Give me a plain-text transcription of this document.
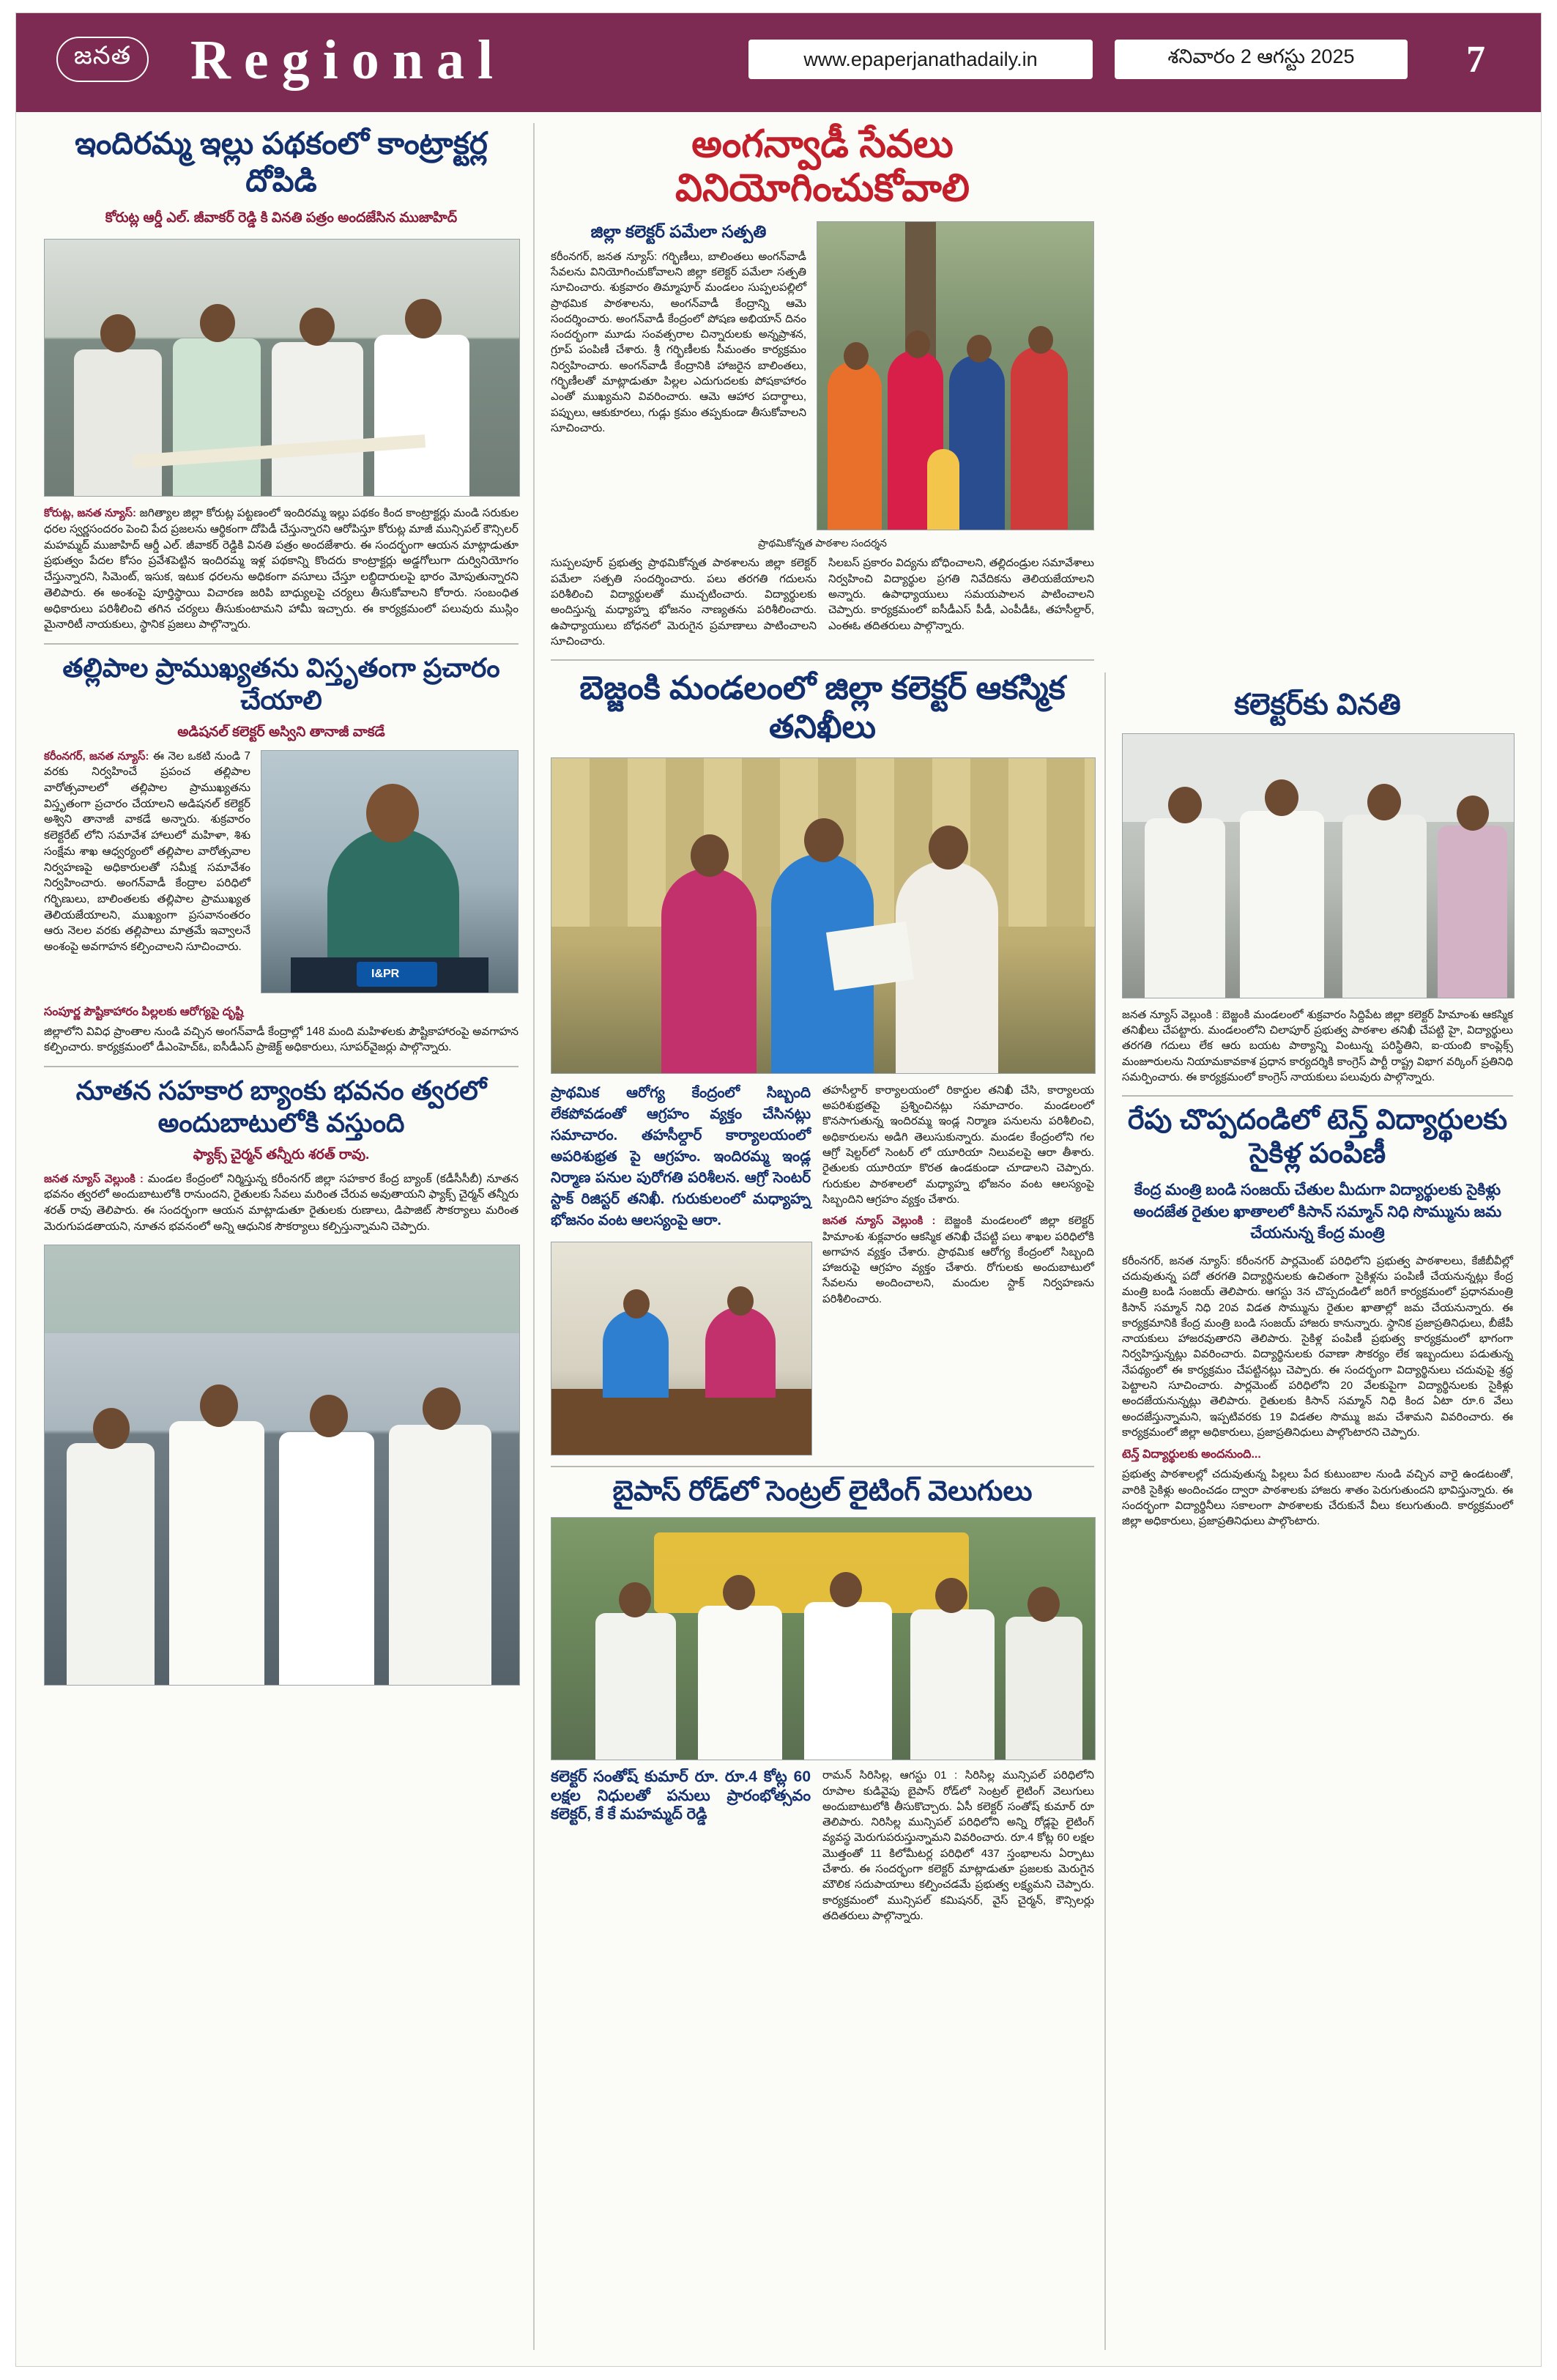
జనత	Regional	www.epaperjanathadaily.in	శనివారం 2 ఆగస్టు 2025	7
ఇందిరమ్మ ఇల్లు పథకంలో కాంట్రాక్టర్ల దోపిడి
కోరుట్ల ఆర్డీ ఎల్. జీవాకర్ రెడ్డి కి వినతి పత్రం అందజేసిన ముజాహిద్
కోరుట్ల, జనత న్యూస్: జగిత్యాల జిల్లా కోరుట్ల పట్టణంలో ఇందిరమ్మ ఇల్లు పథకం కింద కాంట్రాక్టర్లు మండి సరుకుల ధరల స్వర్ణసందరం పెంచి పేద ప్రజలను ఆర్థికంగా దోపిడీ చేస్తున్నారని ఆరోపిస్తూ కోరుట్ల మాజీ మున్సిపల్ కౌన్సిలర్ మహమ్మద్ ముజాహిద్ ఆర్డీ ఎల్. జీవాకర్ రెడ్డికి వినతి పత్రం అందజేశారు. ఈ సందర్భంగా ఆయన మాట్లాడుతూ ప్రభుత్వం పేదల కోసం ప్రవేశపెట్టిన ఇందిరమ్మ ఇళ్ల పథకాన్ని కొందరు కాంట్రాక్టర్లు అడ్డగోలుగా దుర్వినియోగం చేస్తున్నారని, సిమెంట్, ఇసుక, ఇటుక ధరలను అధికంగా వసూలు చేస్తూ లబ్ధిదారులపై భారం మోపుతున్నారని తెలిపారు. ఈ అంశంపై పూర్తిస్థాయి విచారణ జరిపి బాధ్యులపై చర్యలు తీసుకోవాలని కోరారు. సంబంధిత అధికారులు పరిశీలించి తగిన చర్యలు తీసుకుంటామని హామీ ఇచ్చారు. ఈ కార్యక్రమంలో పలువురు ముస్లిం మైనారిటీ నాయకులు, స్థానిక ప్రజలు పాల్గొన్నారు.
తల్లిపాల ప్రాముఖ్యతను విస్తృతంగా ప్రచారం చేయాలి
అడిషనల్ కలెక్టర్ అస్విని తానాజీ వాకడే
I&PR
కరీంనగర్, జనత న్యూస్: ఈ నెల ఒకటి నుండి 7 వరకు నిర్వహించే ప్రపంచ తల్లిపాల వారోత్సవాలలో తల్లిపాల ప్రాముఖ్యతను విస్తృతంగా ప్రచారం చేయాలని అడిషనల్ కలెక్టర్ అశ్విని తానాజీ వాకడే అన్నారు. శుక్రవారం కలెక్టరేట్ లోని సమావేశ హాలులో మహిళా, శిశు సంక్షేమ శాఖ ఆధ్వర్యంలో తల్లిపాల వారోత్సవాల నిర్వహణపై అధికారులతో సమీక్ష సమావేశం నిర్వహించారు. అంగన్‌వాడీ కేంద్రాల పరిధిలో గర్భిణులు, బాలింతలకు తల్లిపాల ప్రాముఖ్యత తెలియజేయాలని, ముఖ్యంగా ప్రసవానంతరం ఆరు నెలల వరకు తల్లిపాలు మాత్రమే ఇవ్వాలనే అంశంపై అవగాహన కల్పించాలని సూచించారు.
సంపూర్ణ పౌష్టికాహారం పిల్లలకు ఆరోగ్యపై దృష్టి
జిల్లాలోని వివిధ ప్రాంతాల నుండి వచ్చిన అంగన్‌వాడీ కేంద్రాల్లో 148 మంది మహిళలకు పౌష్టికాహారంపై అవగాహన కల్పించారు. కార్యక్రమంలో డీఎంహెచ్‌ఓ, ఐసీడీఎస్ ప్రాజెక్ట్ అధికారులు, సూపర్‌వైజర్లు పాల్గొన్నారు.
నూతన సహకార బ్యాంకు భవనం త్వరలో అందుబాటులోకి వస్తుంది
ఫ్యాక్స్ చైర్మన్ తన్నీరు శరత్ రావు.
జనత న్యూస్ వెల్లుంకి : మండల కేంద్రంలో నిర్మిస్తున్న కరీంనగర్ జిల్లా సహకార కేంద్ర బ్యాంక్ (కడీసీసీబీ) నూతన భవనం త్వరలో అందుబాటులోకి రానుందని, రైతులకు సేవలు మరింత చేరువ అవుతాయని ఫ్యాక్స్ చైర్మన్ తన్నీరు శరత్ రావు తెలిపారు. ఈ సందర్భంగా ఆయన మాట్లాడుతూ రైతులకు రుణాలు, డిపాజిట్ సౌకర్యాలు మరింత మెరుగుపడతాయని, నూతన భవనంలో అన్ని ఆధునిక సౌకర్యాలు కల్పిస్తున్నామని చెప్పారు.
అంగన్వాడీ సేవలు వినియోగించుకోవాలి
జిల్లా కలెక్టర్ పమేలా సత్పతి
కరీంనగర్, జనత న్యూస్: గర్భిణీలు, బాలింతలు అంగన్‌వాడీ సేవలను వినియోగించుకోవాలని జిల్లా కలెక్టర్ పమేలా సత్పతి సూచించారు. శుక్రవారం తిమ్మాపూర్ మండలం సుప్పలపల్లిలో ప్రాథమిక పాఠశాలను, అంగన్‌వాడీ కేంద్రాన్ని ఆమె సందర్శించారు. అంగన్‌వాడీ కేంద్రంలో పోషణ అభియాన్ దినం సందర్భంగా మూడు సంవత్సరాల చిన్నారులకు అన్నప్రాశన, గ్రూప్ పంపిణీ చేశారు. శ్రీ గర్భిణీలకు సీమంతం కార్యక్రమం నిర్వహించారు. అంగన్‌వాడీ కేంద్రానికి హాజరైన బాలింతలు, గర్భిణీలతో మాట్లాడుతూ పిల్లల ఎదుగుదలకు పోషకాహారం ఎంతో ముఖ్యమని వివరించారు. ఆమె ఆహార పదార్థాలు, పప్పులు, ఆకుకూరలు, గుడ్లు క్రమం తప్పకుండా తీసుకోవాలని సూచించారు.
ప్రాథమికోన్నత పాఠశాల సందర్శన
సుప్పలపూర్ ప్రభుత్వ ప్రాథమికోన్నత పాఠశాలను జిల్లా కలెక్టర్ పమేలా సత్పతి సందర్శించారు. పలు తరగతి గదులను పరిశీలించి విద్యార్థులతో ముచ్చటించారు. విద్యార్థులకు అందిస్తున్న మధ్యాహ్న భోజనం నాణ్యతను పరిశీలించారు. ఉపాధ్యాయులు బోధనలో మెరుగైన ప్రమాణాలు పాటించాలని సూచించారు.
సిలబస్ ప్రకారం విద్యను బోధించాలని, తల్లిదండ్రుల సమావేశాలు నిర్వహించి విద్యార్థుల ప్రగతి నివేదికను తెలియజేయాలని అన్నారు. ఉపాధ్యాయులు సమయపాలన పాటించాలని చెప్పారు. కార్యక్రమంలో ఐసీడీఎస్ పీడీ, ఎంపీడీఓ, తహసీల్దార్, ఎంఈఓ తదితరులు పాల్గొన్నారు.
బెజ్జంకి మండలంలో జిల్లా కలెక్టర్ ఆకస్మిక తనిఖీలు
ప్రాథమిక ఆరోగ్య కేంద్రంలో సిబ్బంది లేకపోవడంతో ఆగ్రహం వ్యక్తం చేసినట్లు సమాచారం. తహసీల్దార్ కార్యాలయంలో అపరిశుభ్రత పై ఆగ్రహం. ఇందిరమ్మ ఇండ్ల నిర్మాణ పనుల పురోగతి పరిశీలన. ఆగ్రో సెంటర్ స్టాక్ రిజిస్టర్ తనిఖీ. గురుకులంలో మధ్యాహ్న భోజనం వంట ఆలస్యంపై ఆరా.
తహసీల్దార్ కార్యాలయంలో రికార్డుల తనిఖీ చేసి, కార్యాలయ అపరిశుభ్రతపై ప్రశ్నించినట్లు సమాచారం. మండలంలో కొనసాగుతున్న ఇందిరమ్మ ఇండ్ల నిర్మాణ పనులను పరిశీలించి, అధికారులను అడిగి తెలుసుకున్నారు. మండల కేంద్రంలోని గల ఆగ్రో షెల్టర్‌లో సెంటర్ లో యూరియా నిలువలపై ఆరా తీశారు. రైతులకు యూరియా కొరత ఉండకుండా చూడాలని చెప్పారు. గురుకుల పాఠశాలలో మధ్యాహ్న భోజనం వంట ఆలస్యంపై సిబ్బందిని ఆగ్రహం వ్యక్తం చేశారు.
జనత న్యూస్ వెల్లుంకి : బెజ్జంకి మండలంలో జిల్లా కలెక్టర్ హిమాంశు శుక్లవారం ఆకస్మిక తనిఖీ చేపట్టి పలు శాఖల పరిధిలోకి అగాహన వ్యక్తం చేశారు. ప్రాథమిక ఆరోగ్య కేంద్రంలో సిబ్బంది హాజరుపై ఆగ్రహం వ్యక్తం చేశారు. రోగులకు అందుబాటులో సేవలను అందించాలని, మందుల స్టాక్ నిర్వహణను పరిశీలించారు.
బైపాస్ రోడ్‌లో సెంట్రల్ లైటింగ్ వెలుగులు
కలెక్టర్ సంతోష్ కుమార్ రూ. రూ.4 కోట్ల 60 లక్షల నిధులతో పనులు ప్రారంభోత్సవం కలెక్టర్, కే కే మహమ్మద్ రెడ్డి
రామన్ సిరిసిల్ల, ఆగస్టు 01 : సిరిసిల్ల మున్సిపల్ పరిధిలోని రూపాల కుడివైపు బైపాస్ రోడ్‌లో సెంట్రల్ లైటింగ్ వెలుగులు అందుబాటులోకి తీసుకొచ్చారు. ఏసీ కలెక్టర్ సంతోష్ కుమార్ రూ తెలిపారు. నిరిసిల్ల మున్సిపల్ పరిధిలోని అన్ని రోడ్లపై లైటింగ్ వ్యవస్థ మెరుగుపరుస్తున్నామని వివరించారు. రూ.4 కోట్ల 60 లక్షల మొత్తంతో 11 కిలోమీటర్ల పరిధిలో 437 స్తంభాలను ఏర్పాటు చేశారు. ఈ సందర్భంగా కలెక్టర్ మాట్లాడుతూ ప్రజలకు మెరుగైన మౌలిక సదుపాయాలు కల్పించడమే ప్రభుత్వ లక్ష్యమని చెప్పారు. కార్యక్రమంలో మున్సిపల్ కమిషనర్, వైస్ చైర్మన్, కౌన్సిలర్లు తదితరులు పాల్గొన్నారు.
కలెక్టర్‌కు వినతి
జనత న్యూస్ వెల్లుంకి : బెజ్జంకి మండలంలో శుక్రవారం సిద్దిపేట జిల్లా కలెక్టర్ హిమాంశు ఆకస్మిక తనిఖీలు చేపట్టారు. మండలంలోని చిలాపూర్ ప్రభుత్వ పాఠశాల తనిఖీ చేపట్టి హై, విద్యార్థులు తరగతి గదులు లేక ఆరు బయట పాఠ్యాన్ని వింటున్న పరిస్థితిని, ఐ-యంబి కాంప్లెక్స్ మంజూరులను నియామకావకాశ ప్రధాన కార్యదర్శికి కాంగ్రెస్ పార్టీ రాష్ట్ర విభాగ వర్కింగ్ ప్రతినిధి సమర్పించారు. ఈ కార్యక్రమంలో కాంగ్రెస్ నాయకులు పలువురు పాల్గొన్నారు.
రేపు చొప్పదండిలో టెన్త్ విద్యార్థులకు సైకిళ్ల పంపిణీ
కేంద్ర మంత్రి బండి సంజయ్ చేతుల మీదుగా విద్యార్థులకు సైకిళ్లు అందజేత రైతుల ఖాతాలలో కిసాన్ సమ్మాన్ నిధి సొమ్మును జమ చేయనున్న కేంద్ర మంత్రి
కరీంనగర్, జనత న్యూస్: కరీంనగర్ పార్లమెంట్ పరిధిలోని ప్రభుత్వ పాఠశాలలు, కేజీబీవీల్లో చదువుతున్న పదో తరగతి విద్యార్థినులకు ఉచితంగా సైకిళ్లను పంపిణీ చేయనున్నట్లు కేంద్ర మంత్రి బండి సంజయ్ తెలిపారు. ఆగస్టు 3న చొప్పదండిలో జరిగే కార్యక్రమంలో ప్రధానమంత్రి కిసాన్ సమ్మాన్ నిధి 20వ విడత సొమ్మును రైతుల ఖాతాల్లో జమ చేయనున్నారు. ఈ కార్యక్రమానికి కేంద్ర మంత్రి బండి సంజయ్ హాజరు కానున్నారు. స్థానిక ప్రజాప్రతినిధులు, బీజేపీ నాయకులు హాజరవుతారని తెలిపారు. సైకిళ్ల పంపిణీ ప్రభుత్వ కార్యక్రమంలో భాగంగా నిర్వహిస్తున్నట్లు వివరించారు. విద్యార్థినులకు రవాణా సౌకర్యం లేక ఇబ్బందులు పడుతున్న నేపథ్యంలో ఈ కార్యక్రమం చేపట్టినట్లు చెప్పారు. ఈ సందర్భంగా విద్యార్థినులు చదువుపై శ్రద్ధ పెట్టాలని సూచించారు. పార్లమెంట్ పరిధిలోని 20 వేలకుపైగా విద్యార్థినులకు సైకిళ్లు అందజేయనున్నట్లు తెలిపారు. రైతులకు కిసాన్ సమ్మాన్ నిధి కింద ఏటా రూ.6 వేలు అందజేస్తున్నామని, ఇప్పటివరకు 19 విడతల సొమ్ము జమ చేశామని వివరించారు. ఈ కార్యక్రమంలో జిల్లా అధికారులు, ప్రజాప్రతినిధులు పాల్గొంటారని చెప్పారు.
టెన్త్ విద్యార్థులకు అందనుంది...
ప్రభుత్వ పాఠశాలల్లో చదువుతున్న పిల్లలు పేద కుటుంబాల నుండి వచ్చిన వారై ఉండటంతో, వారికి సైకిళ్లు అందించడం ద్వారా పాఠశాలకు హాజరు శాతం పెరుగుతుందని భావిస్తున్నారు. ఈ సందర్భంగా విద్యార్థినీలు సకాలంగా పాఠశాలకు చేరుకునే వీలు కలుగుతుంది. కార్యక్రమంలో జిల్లా అధికారులు, ప్రజాప్రతినిధులు పాల్గొంటారు.
